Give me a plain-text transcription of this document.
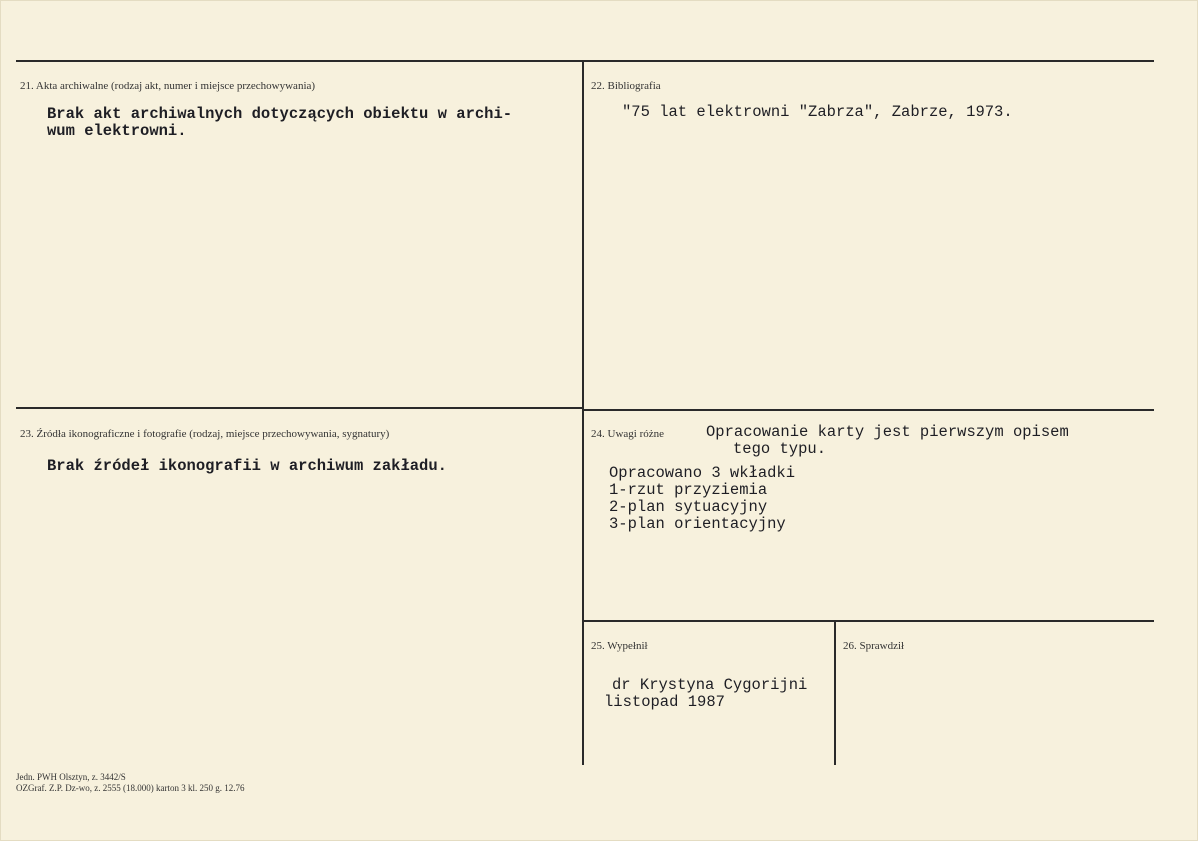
21. Akta archiwalne (rodzaj akt, numer i miejsce przechowywania)
Brak akt archiwalnych dotyczących obiektu w archi-
wum elektrowni.
22. Bibliografia
"75 lat elektrowni "Zabrza", Zabrze, 1973.
23. Źródła ikonograficzne i fotografie (rodzaj, miejsce przechowywania, sygnatury)
Brak źródeł ikonografii w archiwum zakładu.
24. Uwagi różne	Opracowanie karty jest pierwszym opisem
tego typu.
Opracowano 3 wkładki
1-rzut przyziemia
2-plan sytuacyjny
3-plan orientacyjny
25. Wypełnił
dr Krystyna Cygorijni
listopad 1987
26. Sprawdził
Jedn. PWH Olsztyn, z. 3442/S
OZGraf. Z.P. Dz-wo, z. 2555 (18.000) karton 3 kl. 250 g. 12.76
